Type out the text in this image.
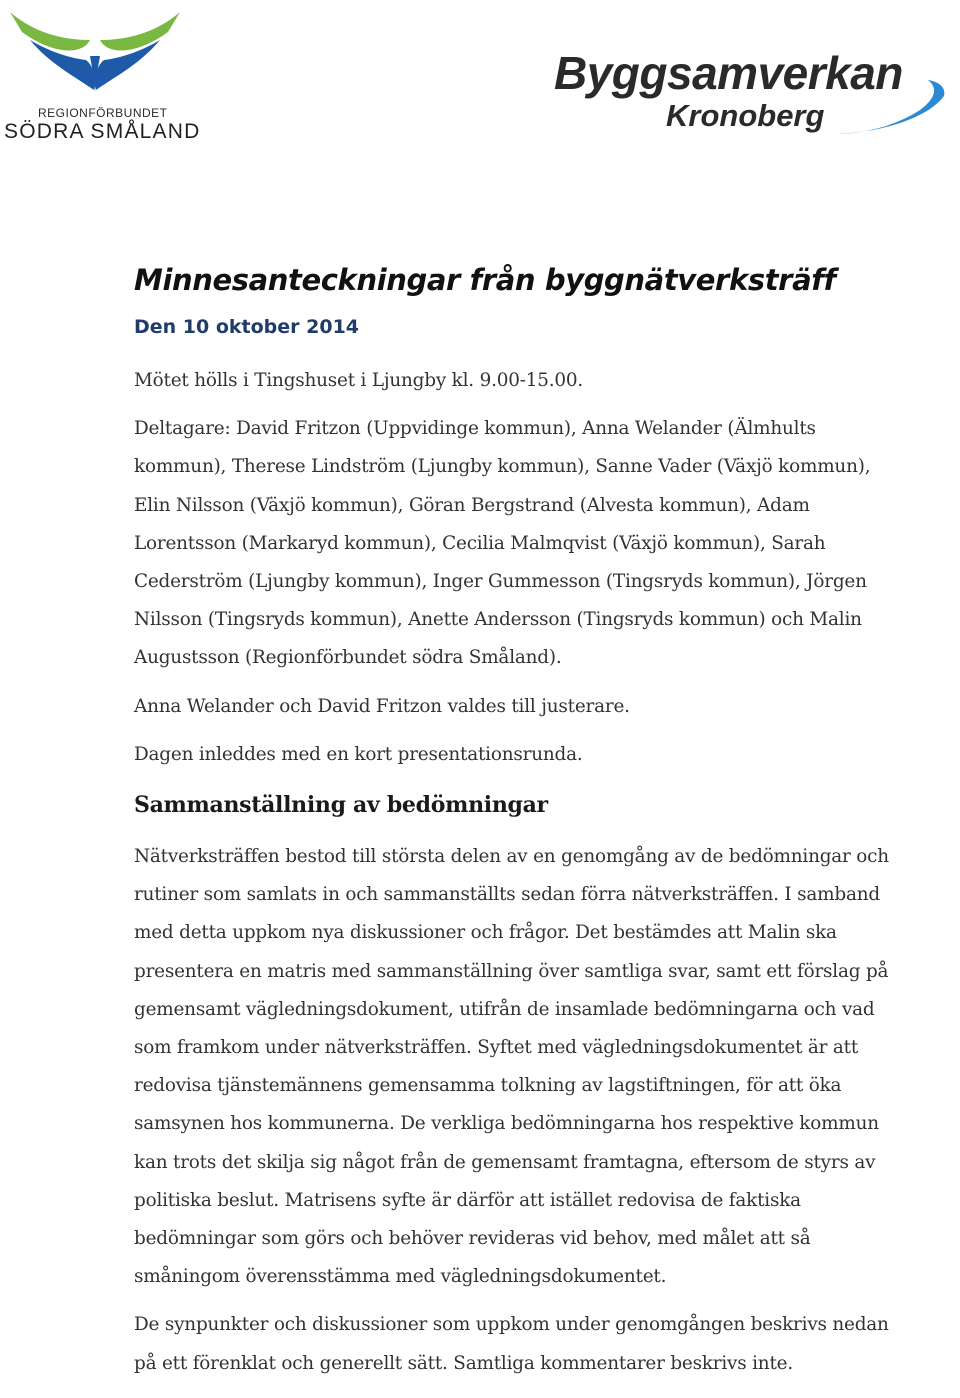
REGIONFÖRBUNDET
SÖDRA SMÅLAND
Byggsamverkan
Kronoberg
Minnesanteckningar från byggnätverksträff
Den 10 oktober 2014

Mötet hölls i Tingshuset i Ljungby kl. 9.00-15.00.

Deltagare: David Fritzon (Uppvidinge kommun), Anna Welander (Älmhults kommun), Therese Lindström (Ljungby kommun), Sanne Vader (Växjö kommun), Elin Nilsson (Växjö kommun), Göran Bergstrand (Alvesta kommun), Adam Lorentsson (Markaryd kommun), Cecilia Malmqvist (Växjö kommun), Sarah Cederström (Ljungby kommun), Inger Gummesson (Tingsryds kommun), Jörgen Nilsson (Tingsryds kommun), Anette Andersson (Tingsryds kommun) och Malin Augustsson (Regionförbundet södra Småland).

Anna Welander och David Fritzon valdes till justerare.

Dagen inleddes med en kort presentationsrunda.

Sammanställning av bedömningar

Nätverksträffen bestod till största delen av en genomgång av de bedömningar och rutiner som samlats in och sammanställts sedan förra nätverksträffen. I samband med detta uppkom nya diskussioner och frågor. Det bestämdes att Malin ska presentera en matris med sammanställning över samtliga svar, samt ett förslag på gemensamt vägledningsdokument, utifrån de insamlade bedömningarna och vad som framkom under nätverksträffen. Syftet med vägledningsdokumentet är att redovisa tjänstemännens gemensamma tolkning av lagstiftningen, för att öka samsynen hos kommunerna. De verkliga bedömningarna hos respektive kommun kan trots det skilja sig något från de gemensamt framtagna, eftersom de styrs av politiska beslut. Matrisens syfte är därför att istället redovisa de faktiska bedömningar som görs och behöver revideras vid behov, med målet att så småningom överensstämma med vägledningsdokumentet.

De synpunkter och diskussioner som uppkom under genomgången beskrivs nedan på ett förenklat och generellt sätt. Samtliga kommentarer beskrivs inte.
